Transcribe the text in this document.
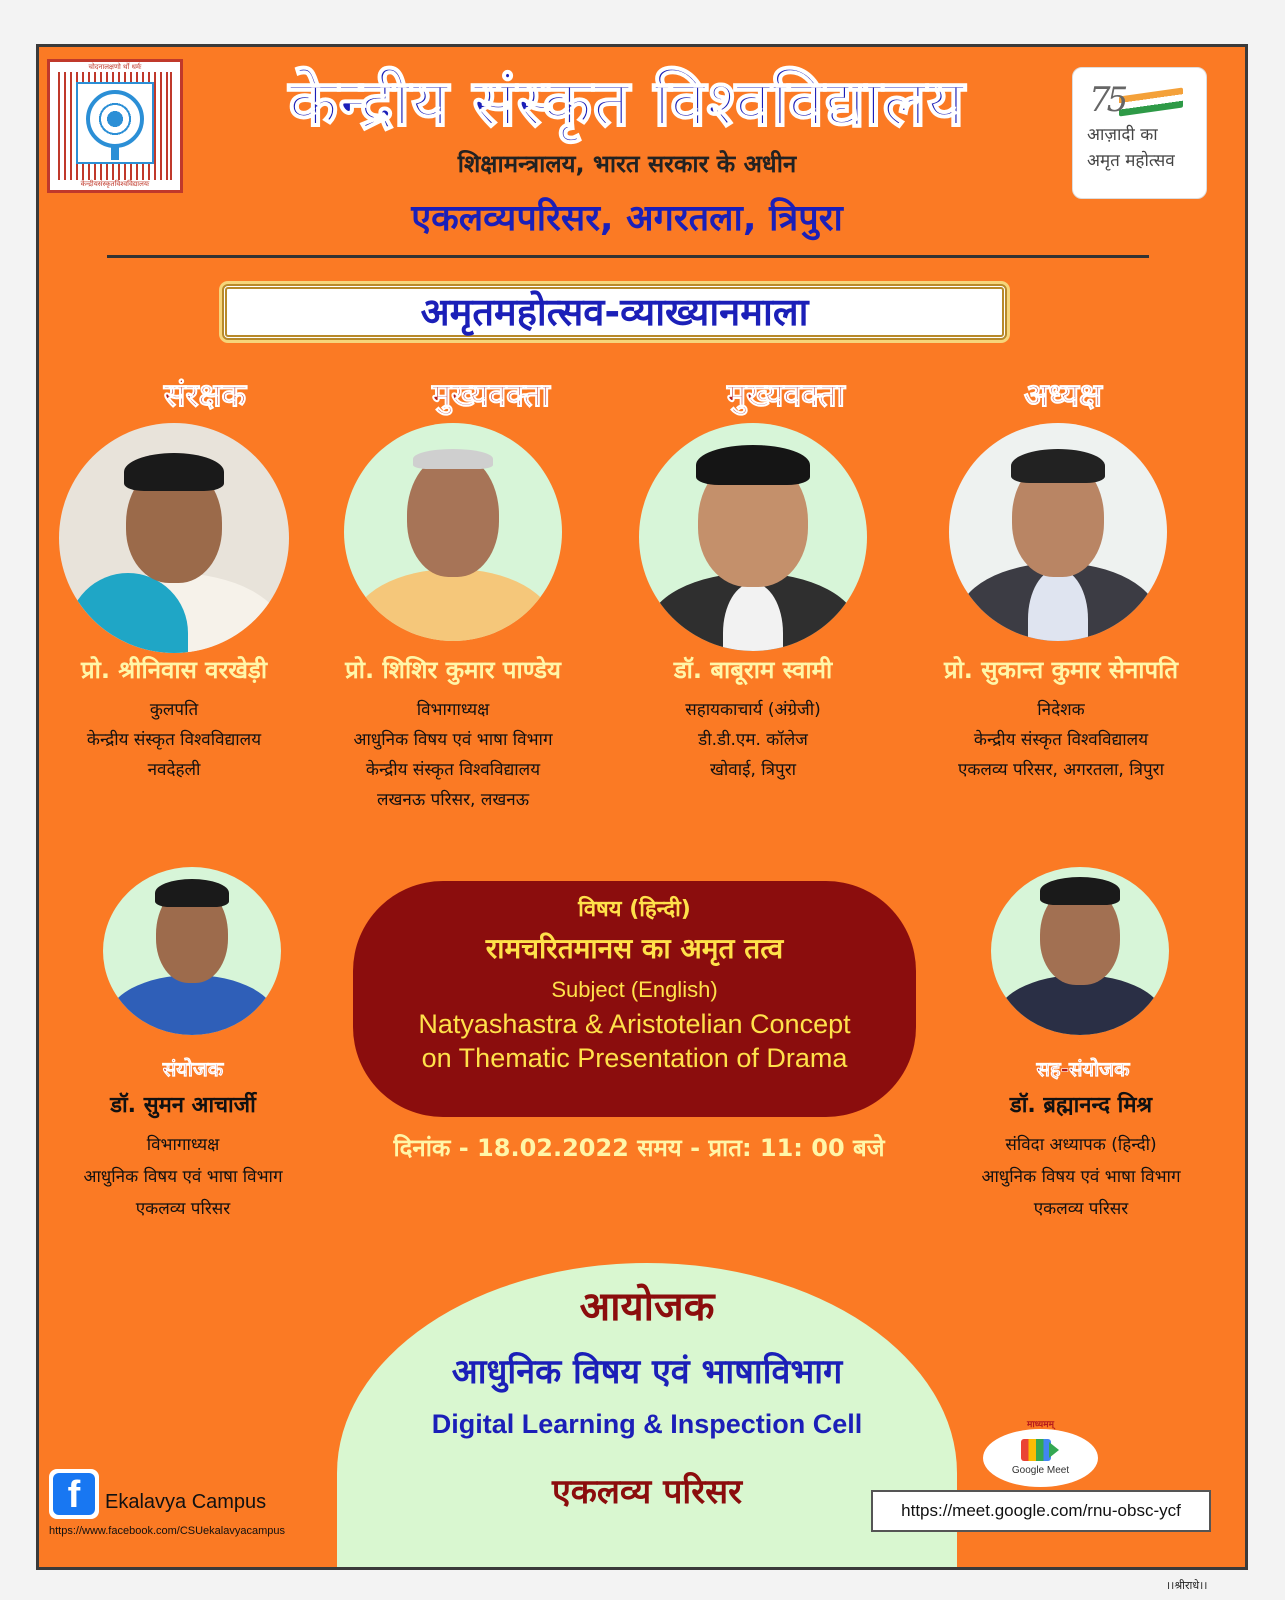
चोदनालक्षणो र्थो धर्मः
केन्द्रीयसंस्कृतविश्वविद्यालयः
केन्द्रीय संस्कृत विश्वविद्यालय
शिक्षामन्त्रालय, भारत सरकार के अधीन
एकलव्यपरिसर, अगरतला, त्रिपुरा
75
आज़ादी का
अमृत महोत्सव
अमृतमहोत्सव-व्याख्यानमाला
संरक्षक
प्रो. श्रीनिवास वरखेड़ी
कुलपति
केन्द्रीय संस्कृत विश्वविद्यालय
नवदेहली
मुख्यवक्ता
प्रो. शिशिर कुमार पाण्डेय
विभागाध्यक्ष
आधुनिक विषय एवं भाषा विभाग
केन्द्रीय संस्कृत विश्वविद्यालय
लखनऊ परिसर, लखनऊ
मुख्यवक्ता
डॉ. बाबूराम स्वामी
सहायकाचार्य (अंग्रेजी)
डी.डी.एम. कॉलेज
खोवाई, त्रिपुरा
अध्यक्ष
प्रो. सुकान्त कुमार सेनापति
निदेशक
केन्द्रीय संस्कृत विश्वविद्यालय
एकलव्य परिसर, अगरतला, त्रिपुरा
संयोजक
डॉ. सुमन आचार्जी
विभागाध्यक्ष
आधुनिक विषय एवं भाषा विभाग
एकलव्य परिसर
विषय (हिन्दी)
रामचरितमानस का अमृत तत्व
Subject (English)
Natyashastra & Aristotelian Concept
on Thematic Presentation of Drama
दिनांक - 18.02.2022 समय - प्रात: 11: 00 बजे
सह-संयोजक
डॉ. ब्रह्मानन्द मिश्र
संविदा अध्यापक (हिन्दी)
आधुनिक विषय एवं भाषा विभाग
एकलव्य परिसर
आयोजक
आधुनिक विषय एवं भाषाविभाग
Digital Learning & Inspection Cell
एकलव्य परिसर
f	Ekalavya Campus
https://www.facebook.com/CSUekalavyacampus
माध्यमम्
Google Meet
https://meet.google.com/rnu-obsc-ycf
।।श्रीराधे।।
